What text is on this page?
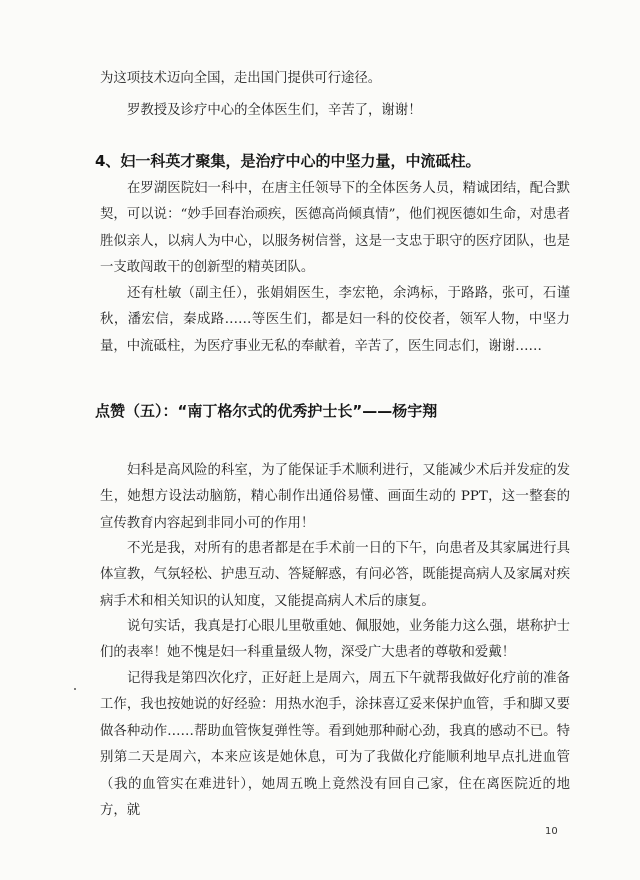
为这项技术迈向全国，走出国门提供可行途径。

罗教授及诊疗中心的全体医生们，辛苦了，谢谢！

4、妇一科英才聚集，是治疗中心的中坚力量，中流砥柱。

在罗湖医院妇一科中，在唐主任领导下的全体医务人员，精诚团结，配合默契，可以说：“妙手回春治顽疾，医德高尚倾真情”，他们视医德如生命，对患者胜似亲人，以病人为中心，以服务树信誉，这是一支忠于职守的医疗团队，也是一支敢闯敢干的创新型的精英团队。

还有杜敏（副主任），张娟娟医生，李宏艳，余鸿标，于路路，张可，石谨秋，潘宏信，秦成路……等医生们，都是妇一科的佼佼者，领军人物，中坚力量，中流砥柱，为医疗事业无私的奉献着，辛苦了，医生同志们，谢谢……

点赞（五）：“南丁格尔式的优秀护士长”——杨宇翔

妇科是高风险的科室，为了能保证手术顺利进行，又能减少术后并发症的发生，她想方设法动脑筋，精心制作出通俗易懂、画面生动的 PPT，这一整套的宣传教育内容起到非同小可的作用！

不光是我，对所有的患者都是在手术前一日的下午，向患者及其家属进行具体宣教，气氛轻松、护患互动、答疑解惑，有问必答，既能提高病人及家属对疾病手术和相关知识的认知度，又能提高病人术后的康复。

说句实话，我真是打心眼儿里敬重她、佩服她，业务能力这么强，堪称护士们的表率！她不愧是妇一科重量级人物，深受广大患者的尊敬和爱戴！

记得我是第四次化疗，正好赶上是周六，周五下午就帮我做好化疗前的准备工作，我也按她说的好经验：用热水泡手，涂抹喜辽妥来保护血管，手和脚又要做各种动作……帮助血管恢复弹性等。看到她那种耐心劲，我真的感动不已。特别第二天是周六，本来应该是她休息，可为了我做化疗能顺利地早点扎进血管（我的血管实在难进针），她周五晚上竟然没有回自己家，住在离医院近的地方，就

10
